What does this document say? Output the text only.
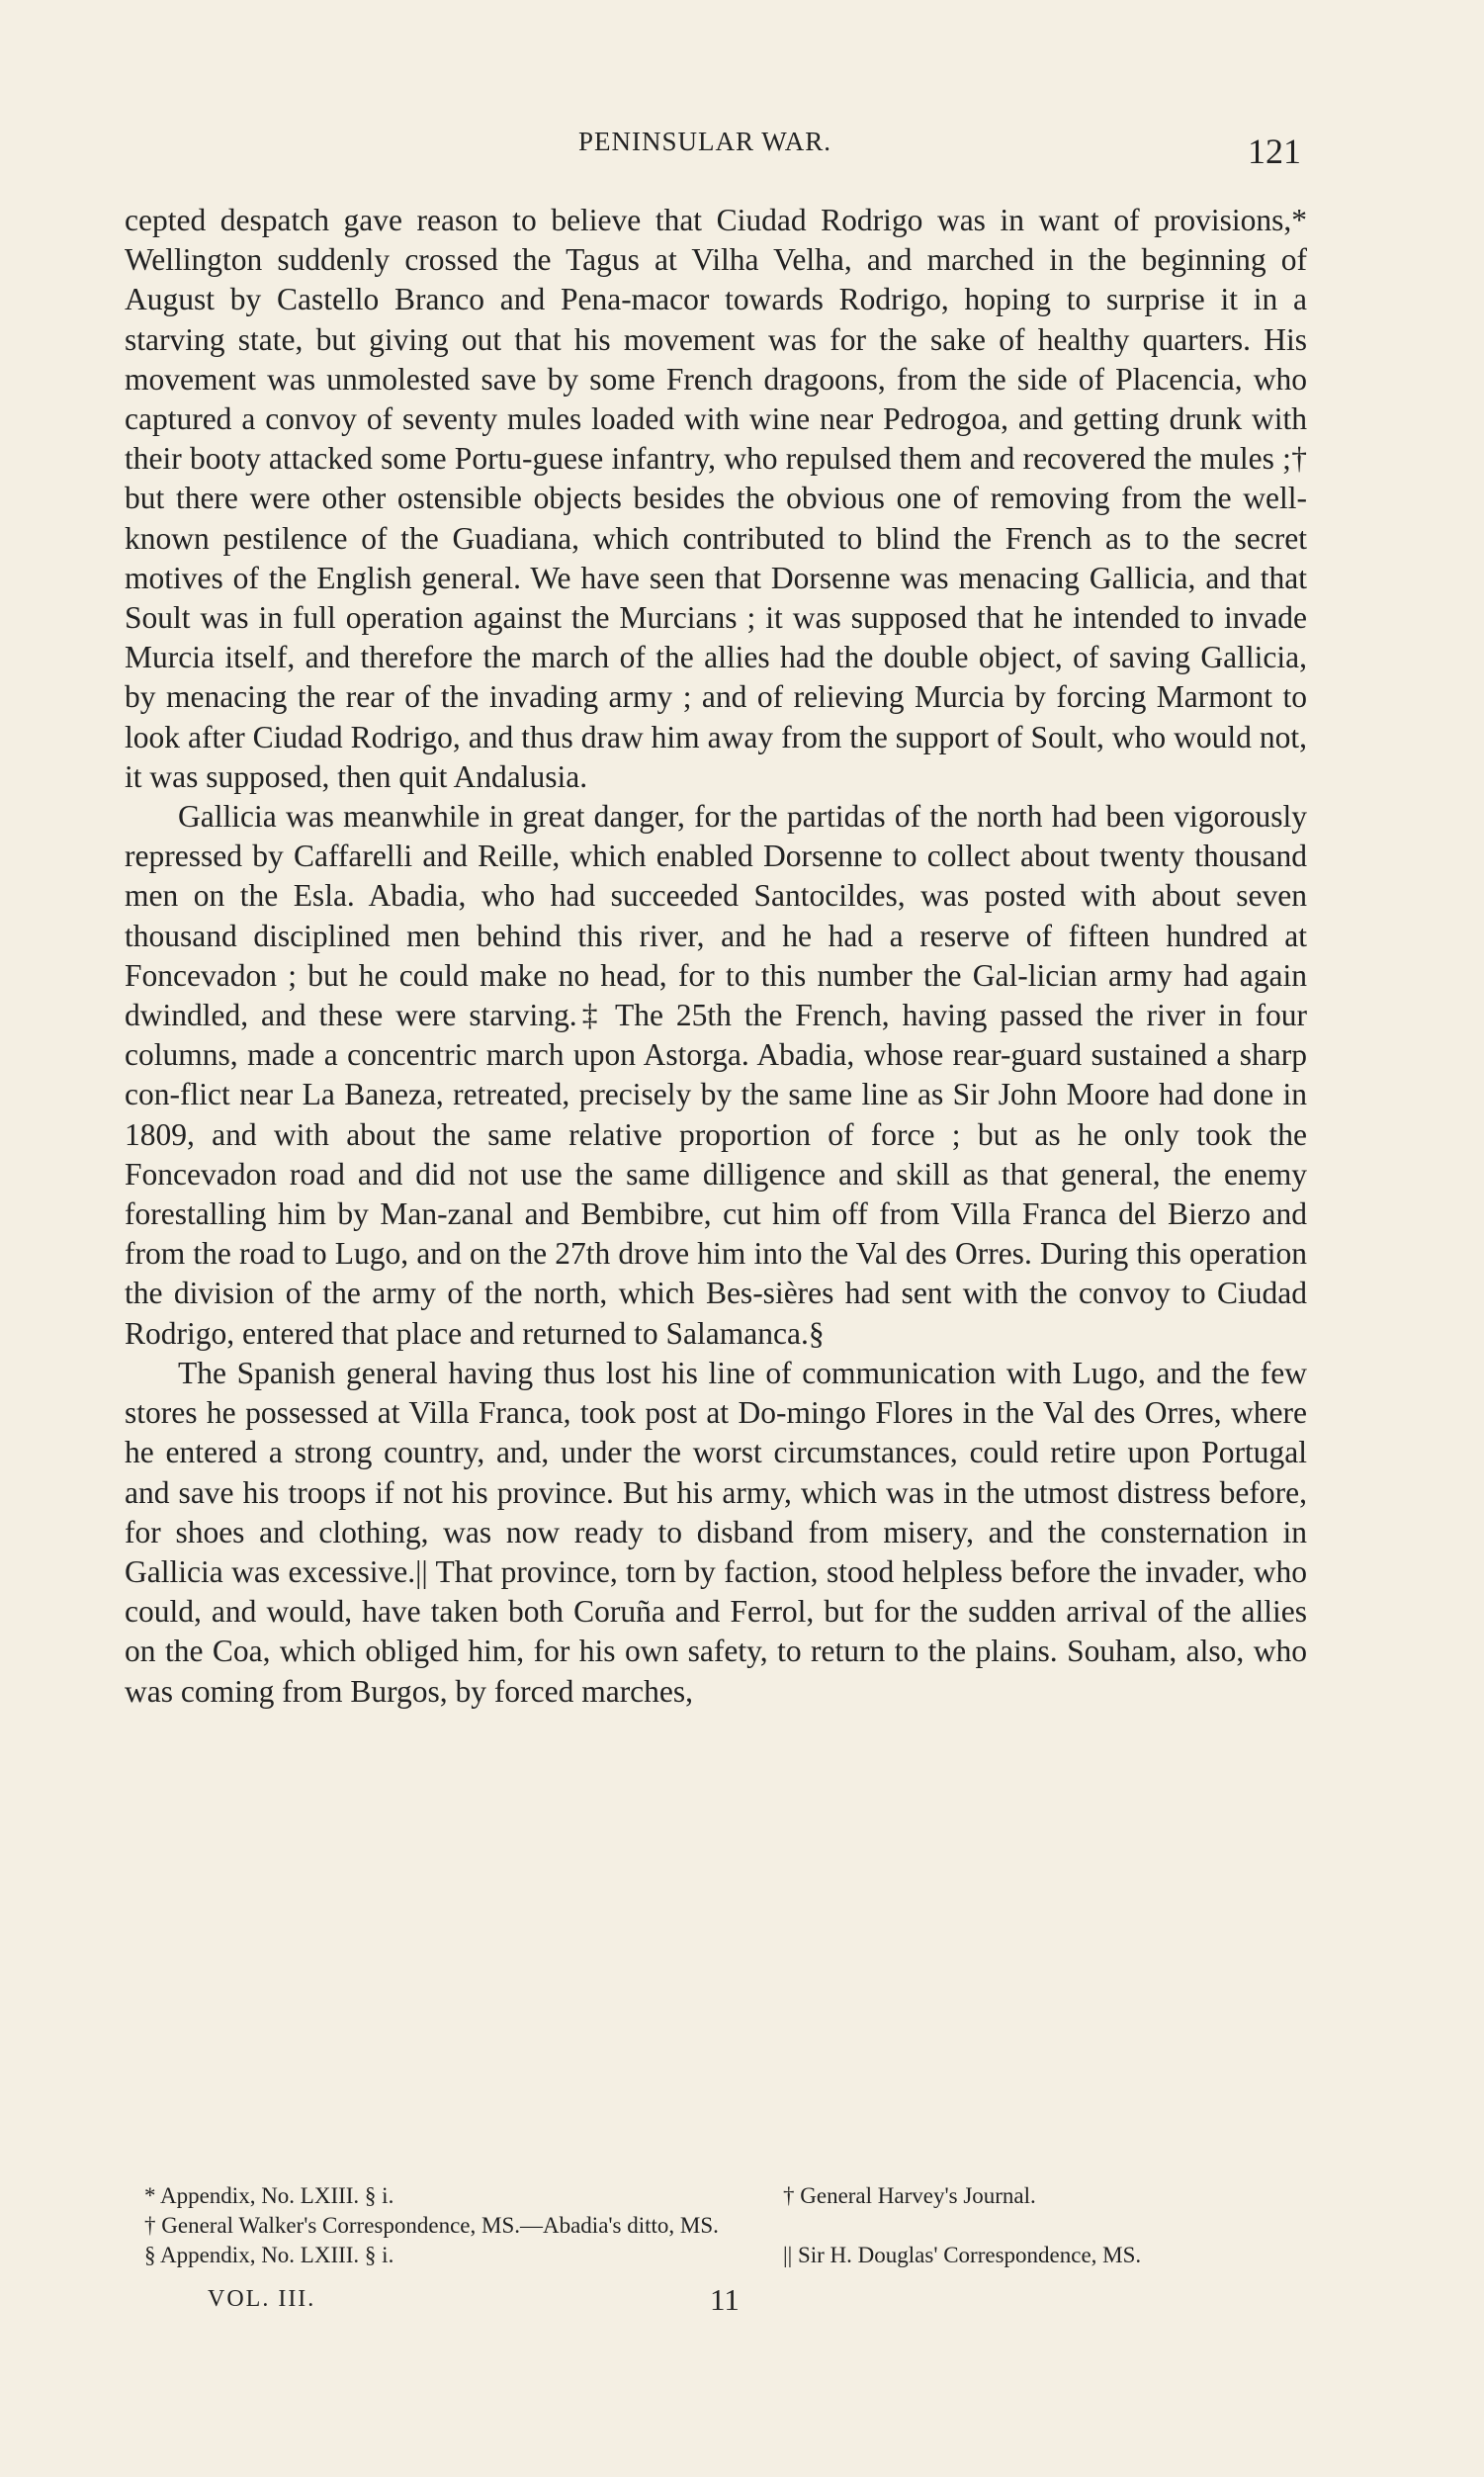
PENINSULAR WAR.	121

cepted despatch gave reason to believe that Ciudad Rodrigo was in want of provisions,* Wellington suddenly crossed the Tagus at Vilha Velha, and marched in the beginning of August by Castello Branco and Pena-macor towards Rodrigo, hoping to surprise it in a starving state, but giving out that his movement was for the sake of healthy quarters. His movement was unmolested save by some French dragoons, from the side of Placencia, who captured a convoy of seventy mules loaded with wine near Pedrogoa, and getting drunk with their booty attacked some Portu-guese infantry, who repulsed them and recovered the mules ;† but there were other ostensible objects besides the obvious one of removing from the well-known pestilence of the Guadiana, which contributed to blind the French as to the secret motives of the English general. We have seen that Dorsenne was menacing Gallicia, and that Soult was in full operation against the Murcians ; it was supposed that he intended to invade Murcia itself, and therefore the march of the allies had the double object, of saving Gallicia, by menacing the rear of the invading army ; and of relieving Murcia by forcing Marmont to look after Ciudad Rodrigo, and thus draw him away from the support of Soult, who would not, it was supposed, then quit Andalusia.

Gallicia was meanwhile in great danger, for the partidas of the north had been vigorously repressed by Caffarelli and Reille, which enabled Dorsenne to collect about twenty thousand men on the Esla. Abadia, who had succeeded Santocildes, was posted with about seven thousand disciplined men behind this river, and he had a reserve of fifteen hundred at Foncevadon ; but he could make no head, for to this number the Gal-lician army had again dwindled, and these were starving.‡ The 25th the French, having passed the river in four columns, made a concentric march upon Astorga. Abadia, whose rear-guard sustained a sharp con-flict near La Baneza, retreated, precisely by the same line as Sir John Moore had done in 1809, and with about the same relative proportion of force ; but as he only took the Foncevadon road and did not use the same dilligence and skill as that general, the enemy forestalling him by Man-zanal and Bembibre, cut him off from Villa Franca del Bierzo and from the road to Lugo, and on the 27th drove him into the Val des Orres. During this operation the division of the army of the north, which Bes-sières had sent with the convoy to Ciudad Rodrigo, entered that place and returned to Salamanca.§

The Spanish general having thus lost his line of communication with Lugo, and the few stores he possessed at Villa Franca, took post at Do-mingo Flores in the Val des Orres, where he entered a strong country, and, under the worst circumstances, could retire upon Portugal and save his troops if not his province. But his army, which was in the utmost distress before, for shoes and clothing, was now ready to disband from misery, and the consternation in Gallicia was excessive.|| That province, torn by faction, stood helpless before the invader, who could, and would, have taken both Coruña and Ferrol, but for the sudden arrival of the allies on the Coa, which obliged him, for his own safety, to return to the plains. Souham, also, who was coming from Burgos, by forced marches,

* Appendix, No. LXIII. § i.	† General Harvey's Journal.
† General Walker's Correspondence, MS.—Abadia's ditto, MS.
§ Appendix, No. LXIII. § i.	|| Sir H. Douglas' Correspondence, MS.
VOL. III.	11
